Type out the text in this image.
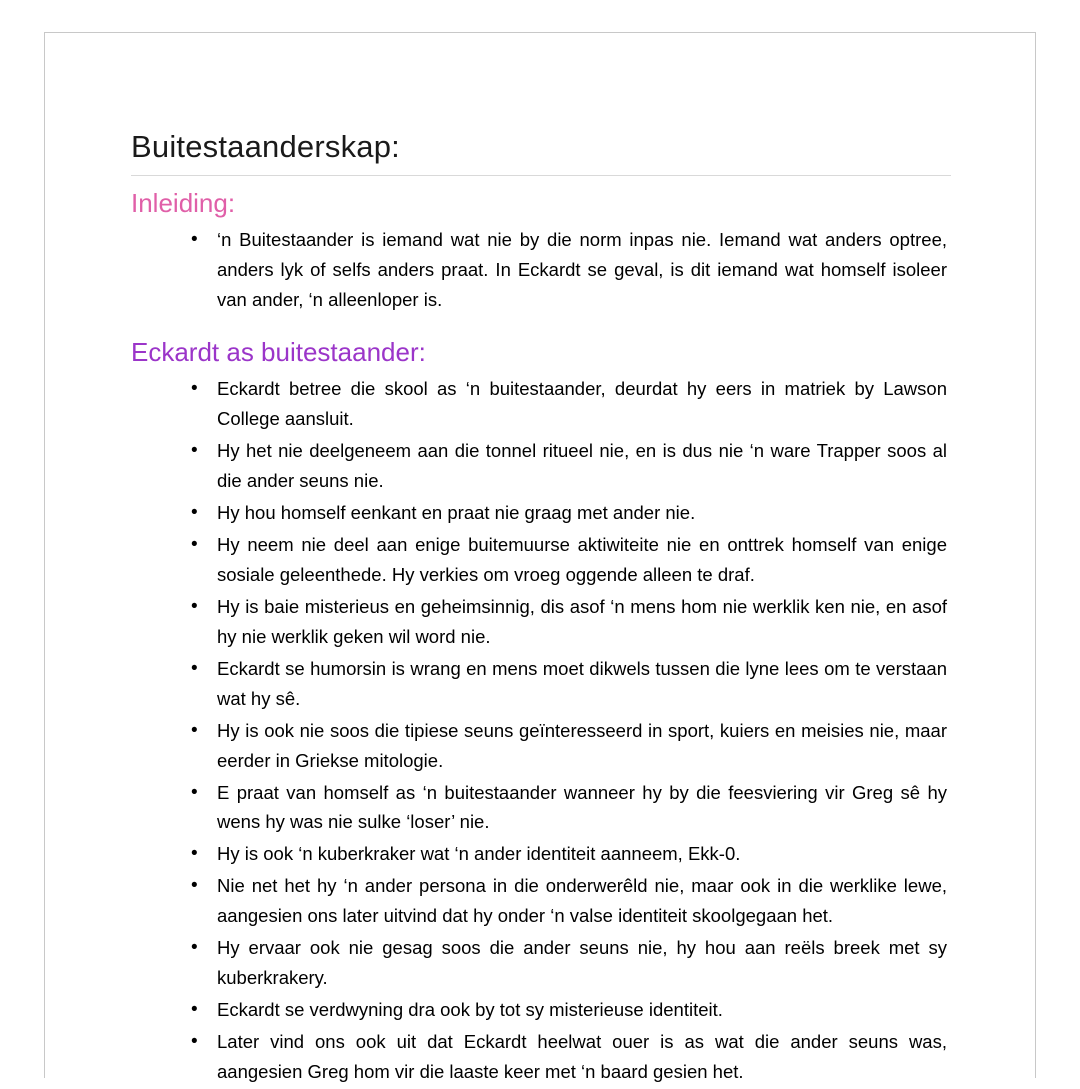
Buitestaanderskap:
Inleiding:
• ‘n Buitestaander is iemand wat nie by die norm inpas nie. Iemand wat anders optree, anders lyk of selfs anders praat. In Eckardt se geval, is dit iemand wat homself isoleer van ander, ‘n alleenloper is.
Eckardt as buitestaander:
• Eckardt betree die skool as ‘n buitestaander, deurdat hy eers in matriek by Lawson College aansluit.
• Hy het nie deelgeneem aan die tonnel ritueel nie, en is dus nie ‘n ware Trapper soos al die ander seuns nie.
• Hy hou homself eenkant en praat nie graag met ander nie.
• Hy neem nie deel aan enige buitemuurse aktiwiteite nie en onttrek homself van enige sosiale geleenthede. Hy verkies om vroeg oggende alleen te draf.
• Hy is baie misterieus en geheimsinnig, dis asof ‘n mens hom nie werklik ken nie, en asof hy nie werklik geken wil word nie.
• Eckardt se humorsin is wrang en mens moet dikwels tussen die lyne lees om te verstaan wat hy sê.
• Hy is ook nie soos die tipiese seuns geïnteresseerd in sport, kuiers en meisies nie, maar eerder in Griekse mitologie.
• E praat van homself as ‘n buitestaander wanneer hy by die feesviering vir Greg sê hy wens hy was nie sulke ‘loser’ nie.
• Hy is ook ‘n kuberkraker wat ‘n ander identiteit aanneem, Ekk-0.
• Nie net het hy ‘n ander persona in die onderwerêld nie, maar ook in die werklike lewe, aangesien ons later uitvind dat hy onder ‘n valse identiteit skoolgegaan het.
• Hy ervaar ook nie gesag soos die ander seuns nie, hy hou aan reëls breek met sy kuberkrakery.
• Eckardt se verdwyning dra ook by tot sy misterieuse identiteit.
• Later vind ons ook uit dat Eckardt heelwat ouer is as wat die ander seuns was, aangesien Greg hom vir die laaste keer met ‘n baard gesien het.
